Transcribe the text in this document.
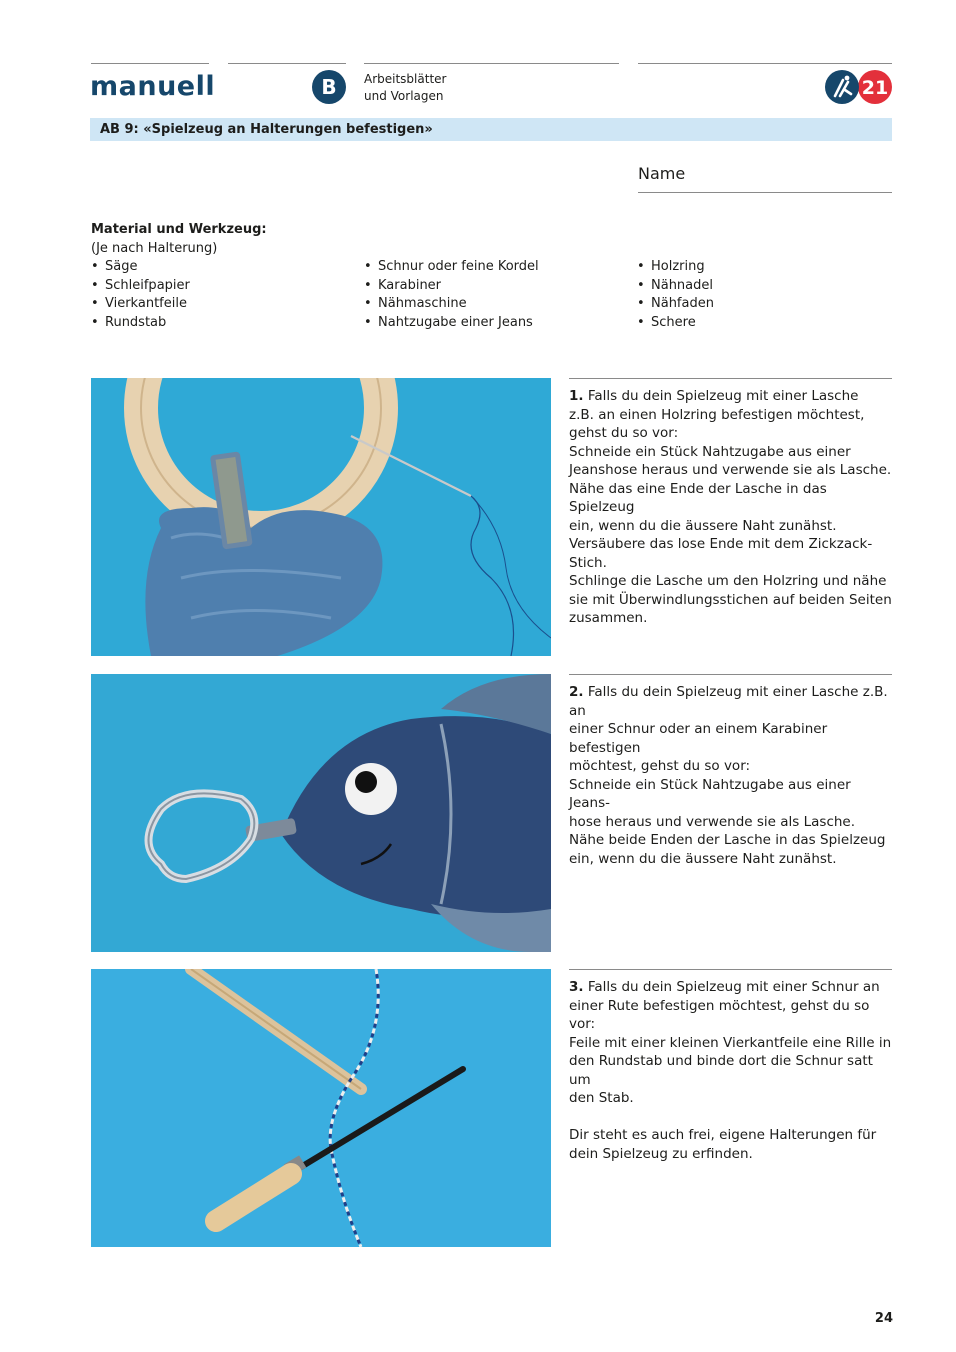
manuell	B	Arbeitsblätter
und Vorlagen	21
AB 9: «Spielzeug an Halterungen befestigen»
Name
Material und Werkzeug:
(Je nach Halterung)
• Säge
• Schleifpapier
• Vierkantfeile
• Rundstab
• Schnur oder feine Kordel
• Karabiner
• Nähmaschine
• Nahtzugabe einer Jeans
• Holzring
• Nähnadel
• Nähfaden
• Schere

1. Falls du dein Spielzeug mit einer Lasche

z.B. an einen Holzring befestigen möchtest,

gehst du so vor:

Schneide ein Stück Nahtzugabe aus einer

Jeanshose heraus und verwende sie als Lasche.

Nähe das eine Ende der Lasche in das Spielzeug

ein, wenn du die äussere Naht zunähst.

Versäubere das lose Ende mit dem Zickzack-Stich.

Schlinge die Lasche um den Holzring und nähe

sie mit Überwindlungsstichen auf beiden Seiten

zusammen.

2. Falls du dein Spielzeug mit einer Lasche z.B. an

einer Schnur oder an einem Karabiner befestigen

möchtest, gehst du so vor:

Schneide ein Stück Nahtzugabe aus einer Jeans-

hose heraus und verwende sie als Lasche.

Nähe beide Enden der Lasche in das Spielzeug

ein, wenn du die äussere Naht zunähst.

3. Falls du dein Spielzeug mit einer Schnur an

einer Rute befestigen möchtest, gehst du so vor:

Feile mit einer kleinen Vierkantfeile eine Rille in

den Rundstab und binde dort die Schnur satt um

den Stab.

Dir steht es auch frei, eigene Halterungen für

dein Spielzeug zu erfinden.

24
